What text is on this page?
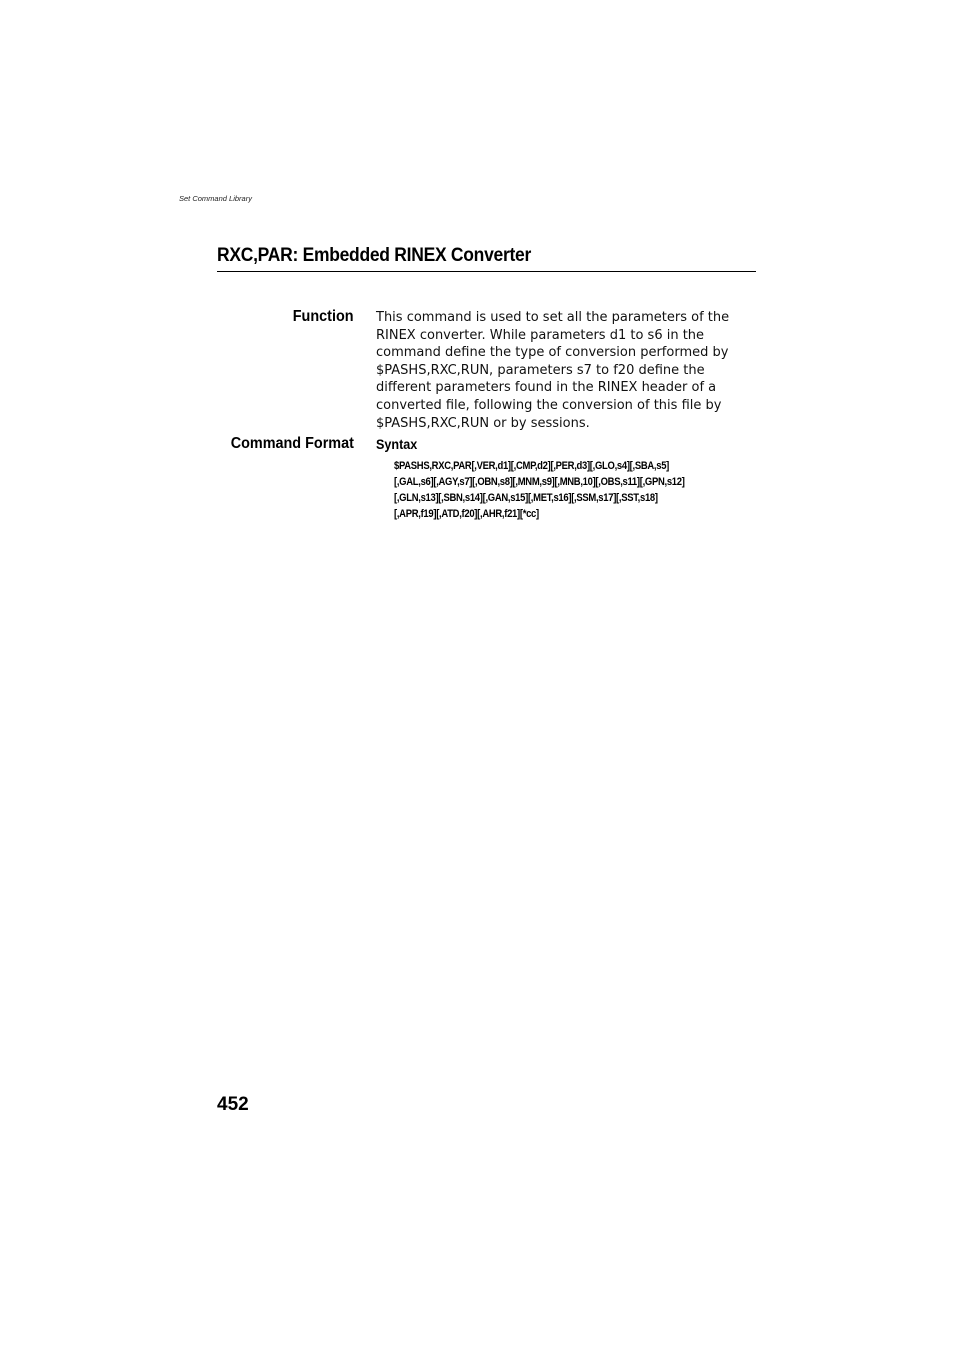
Set Command Library
RXC,PAR: Embedded RINEX Converter
Function This command is used to set all the parameters of the RINEX converter. While parameters d1 to s6 in the command define the type of conversion performed by $PASHS,RXC,RUN, parameters s7 to f20 define the different parameters found in the RINEX header of a converted file, following the conversion of this file by $PASHS,RXC,RUN or by sessions.

Command Format Syntax
$PASHS,RXC,PAR[,VER,d1][,CMP,d2][,PER,d3][,GLO,s4][,SBA,s5]
[,GAL,s6][,AGY,s7][,OBN,s8][,MNM,s9][,MNB,10][,OBS,s11][,GPN,s12]
[,GLN,s13][,SBN,s14][,GAN,s15][,MET,s16][,SSM,s17][,SST,s18]
[,APR,f19][,ATD,f20][,AHR,f21][*cc]
452
